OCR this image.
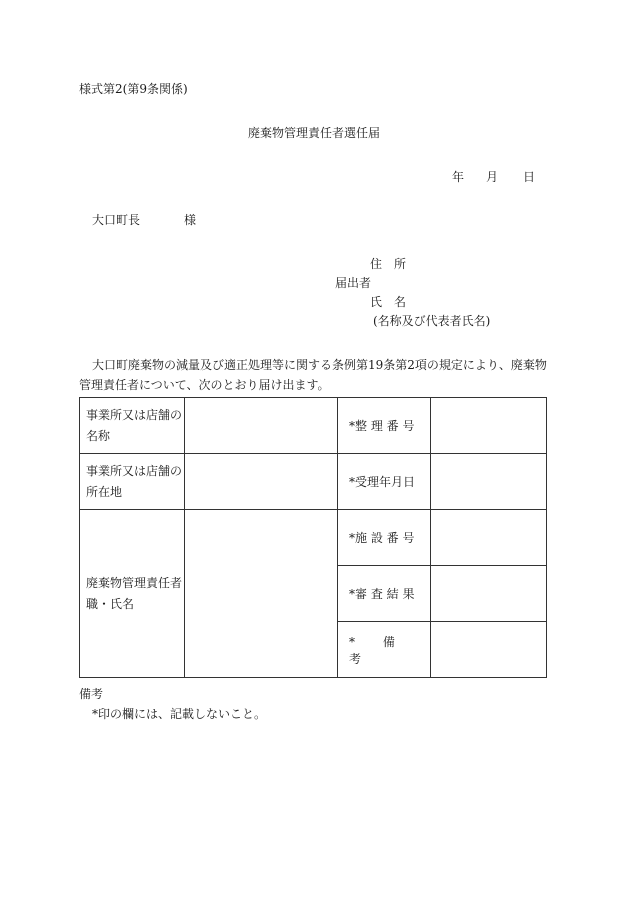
様式第2(第9条関係)
廃棄物管理責任者選任届
年 月 日
大口町長	様
住　所
届出者
氏　名
(名称及び代表者氏名)
大口町廃棄物の減量及び適正処理等に関する条例第19条第2項の規定により、廃棄物管理責任者について、次のとおり届け出ます。
事業所又は店舗の名称		*整 理 番 号	
事業所又は店舗の所在地		*受理年月日	
廃棄物管理責任者職・氏名		*施 設 番 号	
		*審 査 結 果	
		*　　 備　　考	
備考
*印の欄には、記載しないこと。
